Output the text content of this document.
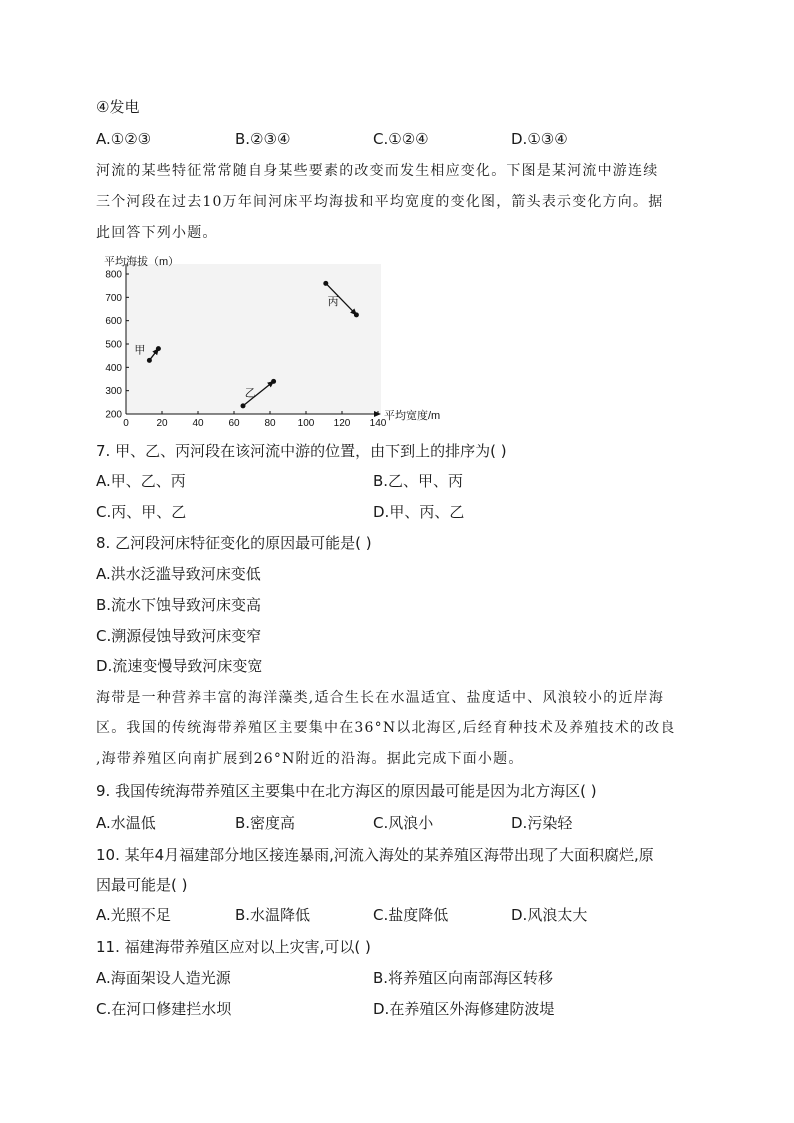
④发电
A.①②③	B.②③④	C.①②④	D.①③④
河流的某些特征常常随自身某些要素的改变而发生相应变化。下图是某河流中游连续
三个河段在过去10万年间河床平均海拔和平均宽度的变化图，箭头表示变化方向。据
此回答下列小题。
平均海拔（m）
平均宽度/m
0	20 40 60 80 100 120 140
200
300
400
500
600
700
800
甲
乙
丙
7. 甲、乙、丙河段在该河流中游的位置，由下到上的排序为( )
A.甲、乙、丙	B.乙、甲、丙
C.丙、甲、乙	D.甲、丙、乙
8. 乙河段河床特征变化的原因最可能是( )
A.洪水泛滥导致河床变低
B.流水下蚀导致河床变高
C.溯源侵蚀导致河床变窄
D.流速变慢导致河床变宽
海带是一种营养丰富的海洋藻类,适合生长在水温适宜、盐度适中、风浪较小的近岸海
区。我国的传统海带养殖区主要集中在36°N以北海区,后经育种技术及养殖技术的改良
,海带养殖区向南扩展到26°N附近的沿海。据此完成下面小题。
9. 我国传统海带养殖区主要集中在北方海区的原因最可能是因为北方海区( )
A.水温低	B.密度高	C.风浪小	D.污染轻
10. 某年4月福建部分地区接连暴雨,河流入海处的某养殖区海带出现了大面积腐烂,原
因最可能是( )
A.光照不足	B.水温降低	C.盐度降低	D.风浪太大
11. 福建海带养殖区应对以上灾害,可以( )
A.海面架设人造光源	B.将养殖区向南部海区转移
C.在河口修建拦水坝	D.在养殖区外海修建防波堤
